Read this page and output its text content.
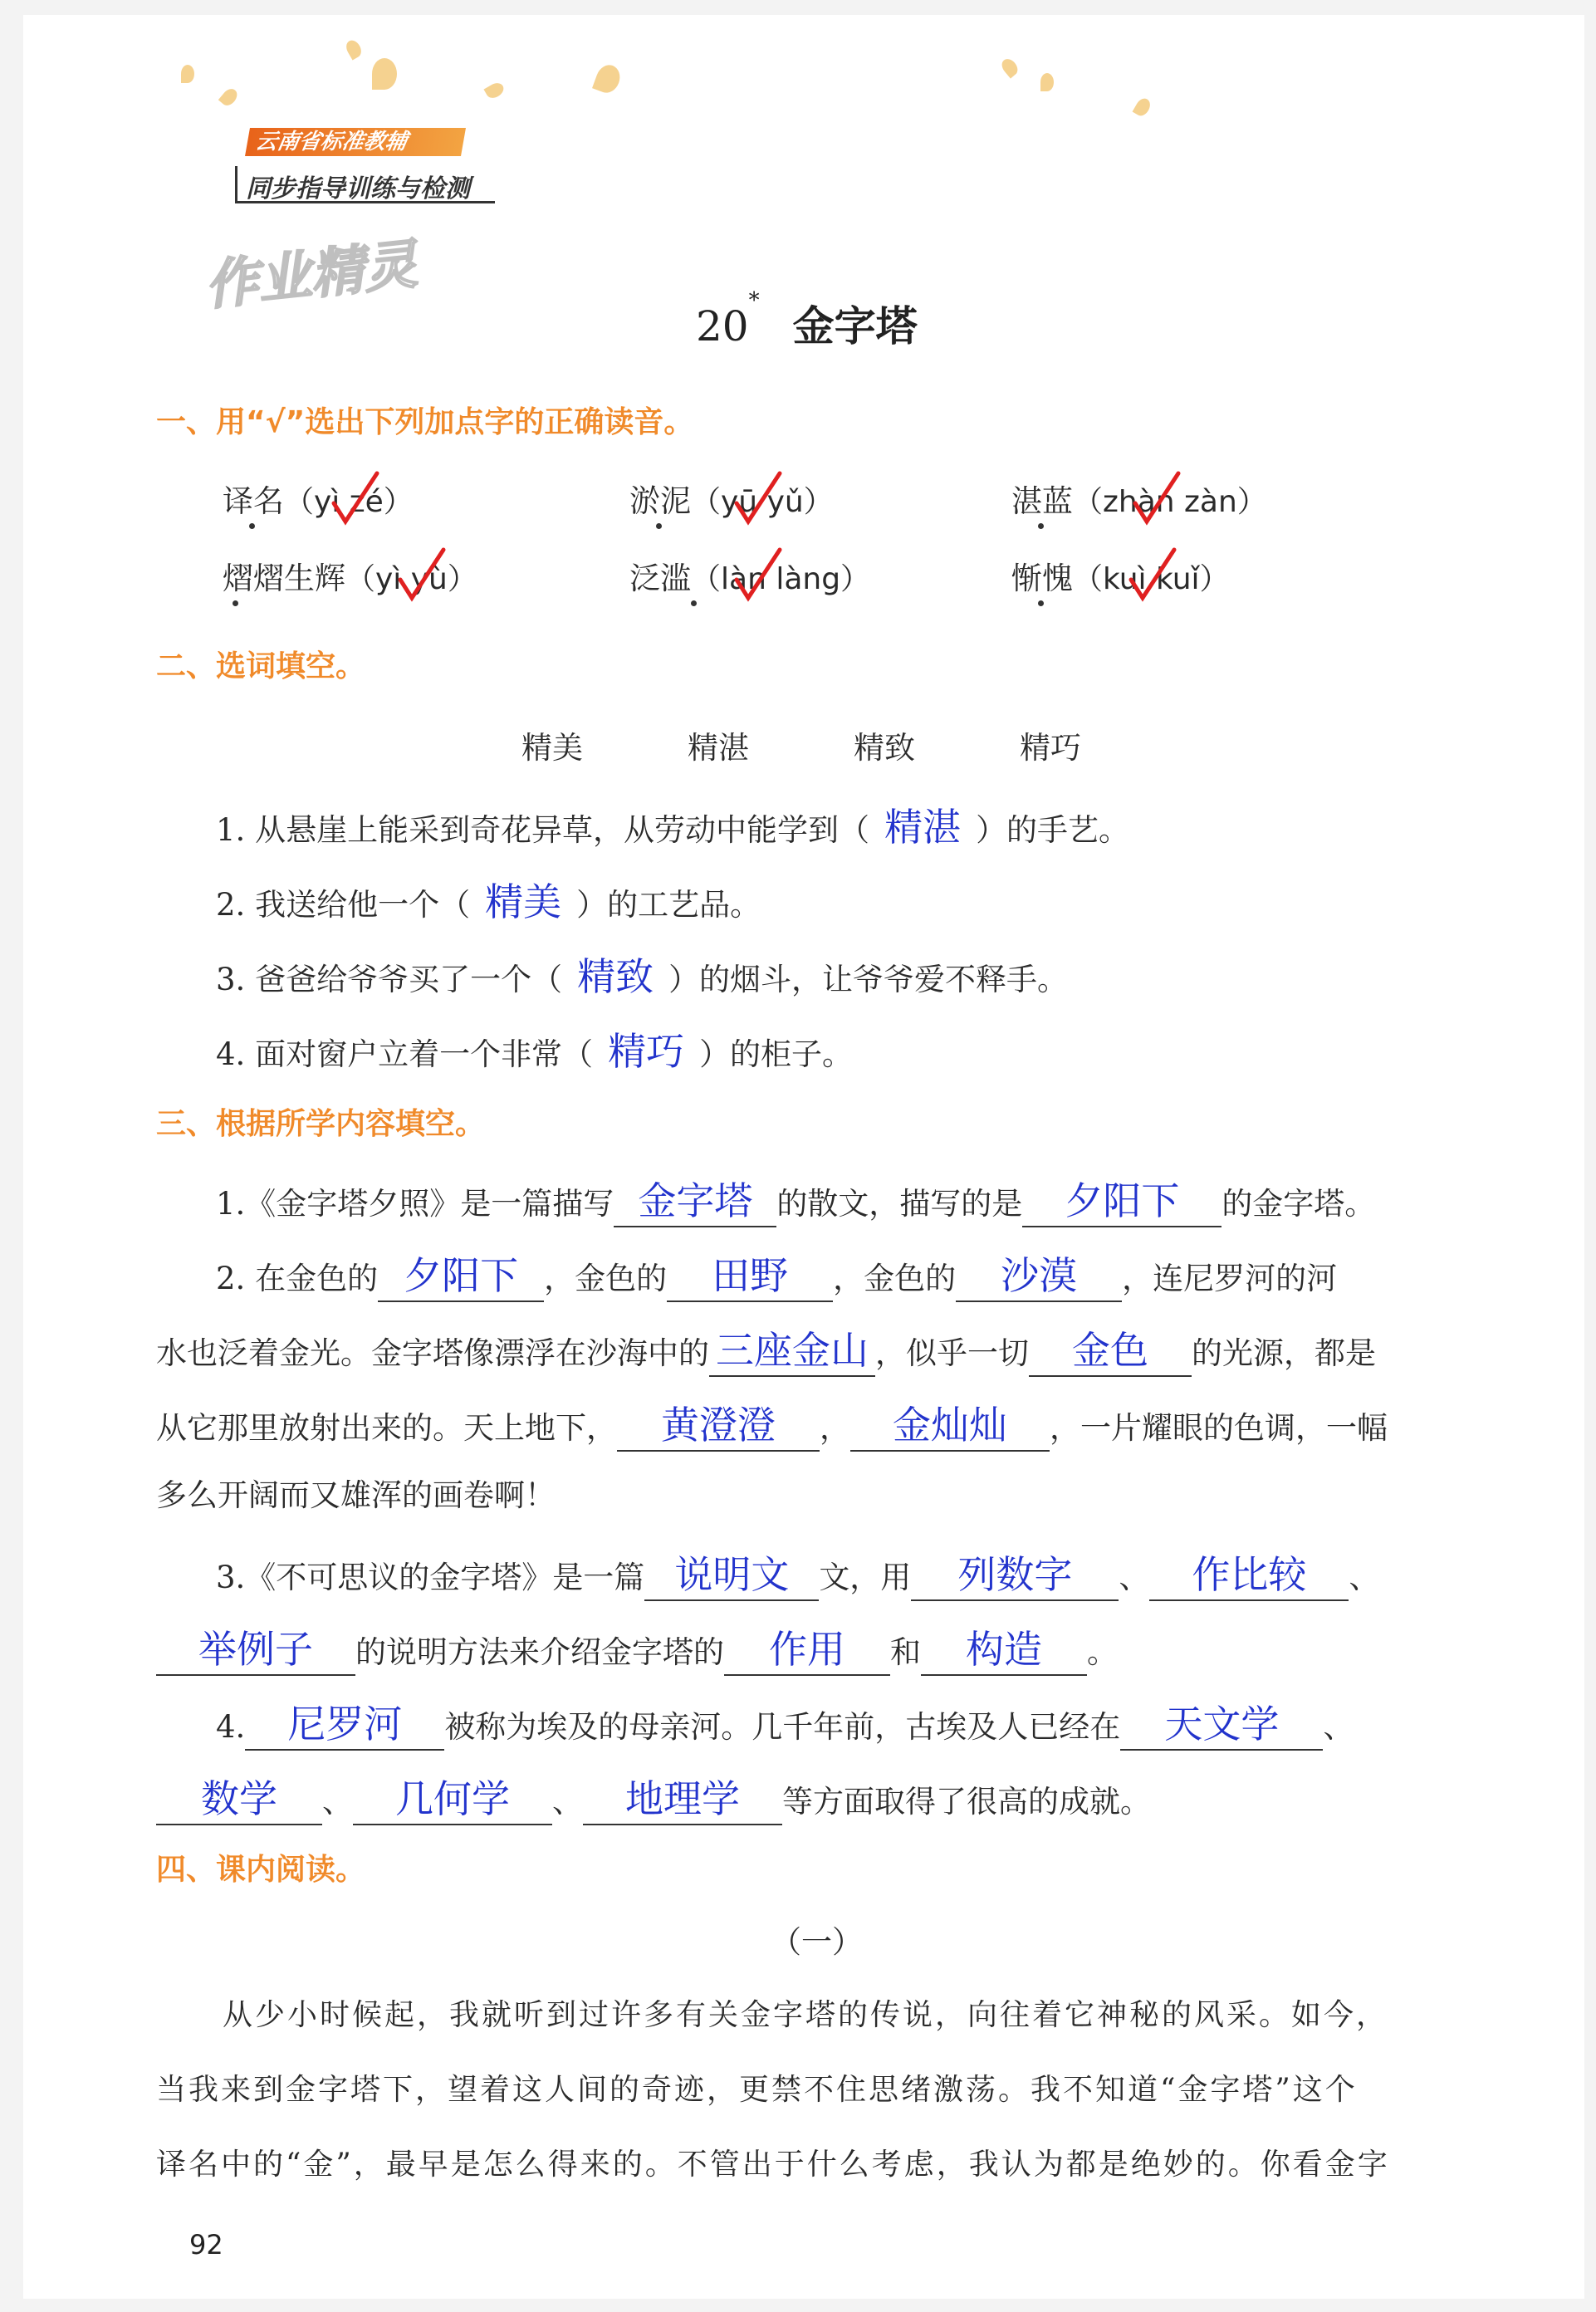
云南省标准教辅
同步指导训练与检测
作业精灵
20*金字塔
一、用“√”选出下列加点字的正确读音。
译名（yì zé）	淤泥（yū yǔ）	湛蓝（zhàn zàn）
熠熠生辉（yì yù）	泛滥（làn làng）	惭愧（kuì kuǐ）
二、选词填空。
精美	精湛	精致	精巧
1. 从悬崖上能采到奇花异草，从劳动中能学到（ 精湛 ）的手艺。
2. 我送给他一个（ 精美 ）的工艺品。
3. 爸爸给爷爷买了一个（ 精致 ）的烟斗，让爷爷爱不释手。
4. 面对窗户立着一个非常（ 精巧 ）的柜子。
三、根据所学内容填空。
1.《金字塔夕照》是一篇描写 金字塔 的散文，描写的是 夕阳下 的金字塔。
2. 在金色的 夕阳下 ，金色的 田野 ，金色的 沙漠 ，连尼罗河的河
水也泛着金光。金字塔像漂浮在沙海中的 三座金山 ，似乎一切 金色 的光源，都是
从它那里放射出来的。天上地下， 黄澄澄 ， 金灿灿 ，一片耀眼的色调，一幅
多么开阔而又雄浑的画卷啊！
3.《不可思议的金字塔》是一篇 说明文 文，用 列数字 、 作比较 、
举例子 的说明方法来介绍金字塔的 作用 和 构造 。
4. 尼罗河 被称为埃及的母亲河。几千年前，古埃及人已经在 天文学 、
数学 、 几何学 、 地理学 等方面取得了很高的成就。
四、课内阅读。
（一）
从少小时候起，我就听到过许多有关金字塔的传说，向往着它神秘的风采。如今，
当我来到金字塔下，望着这人间的奇迹，更禁不住思绪激荡。我不知道“金字塔”这个
译名中的“金”，最早是怎么得来的。不管出于什么考虑，我认为都是绝妙的。你看金字
92
